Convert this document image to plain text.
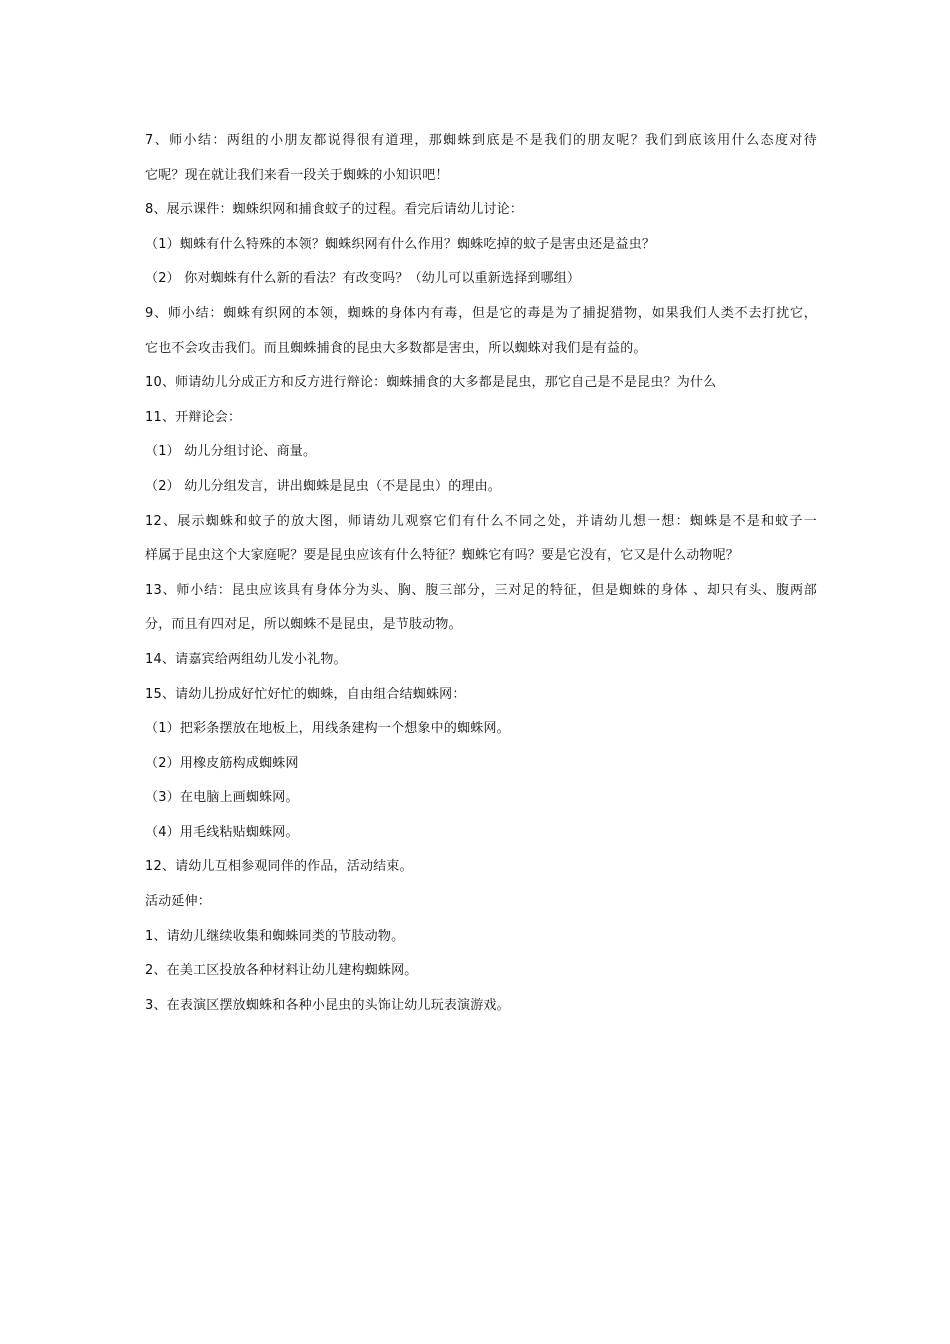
7、师小结：两组的小朋友都说得很有道理，那蜘蛛到底是不是我们的朋友呢？我们到底该用什么态度对待
它呢？现在就让我们来看一段关于蜘蛛的小知识吧！
8、展示课件：蜘蛛织网和捕食蚊子的过程。看完后请幼儿讨论：
（1）蜘蛛有什么特殊的本领？蜘蛛织网有什么作用？蜘蛛吃掉的蚊子是害虫还是益虫？
（2） 你对蜘蛛有什么新的看法？有改变吗？（幼儿可以重新选择到哪组）
9、师小结：蜘蛛有织网的本领，蜘蛛的身体内有毒，但是它的毒是为了捕捉猎物，如果我们人类不去打扰它，
它也不会攻击我们。而且蜘蛛捕食的昆虫大多数都是害虫，所以蜘蛛对我们是有益的。
10、师请幼儿分成正方和反方进行辩论：蜘蛛捕食的大多都是昆虫，那它自己是不是昆虫？为什么
11、开辩论会：
（1） 幼儿分组讨论、商量。
（2） 幼儿分组发言，讲出蜘蛛是昆虫（不是昆虫）的理由。
12、展示蜘蛛和蚊子的放大图，师请幼儿观察它们有什么不同之处，并请幼儿想一想：蜘蛛是不是和蚊子一
样属于昆虫这个大家庭呢？要是昆虫应该有什么特征？蜘蛛它有吗？要是它没有，它又是什么动物呢？
13、师小结：昆虫应该具有身体分为头、胸、腹三部分，三对足的特征，但是蜘蛛的身体 、却只有头、腹两部
分，而且有四对足，所以蜘蛛不是昆虫，是节肢动物。
14、请嘉宾给两组幼儿发小礼物。
15、请幼儿扮成好忙好忙的蜘蛛，自由组合结蜘蛛网：
（1）把彩条摆放在地板上，用线条建构一个想象中的蜘蛛网。
（2）用橡皮筋构成蜘蛛网
（3）在电脑上画蜘蛛网。
（4）用毛线粘贴蜘蛛网。
12、请幼儿互相参观同伴的作品，活动结束。
活动延伸：
1、请幼儿继续收集和蜘蛛同类的节肢动物。
2、在美工区投放各种材料让幼儿建构蜘蛛网。
3、在表演区摆放蜘蛛和各种小昆虫的头饰让幼儿玩表演游戏。
